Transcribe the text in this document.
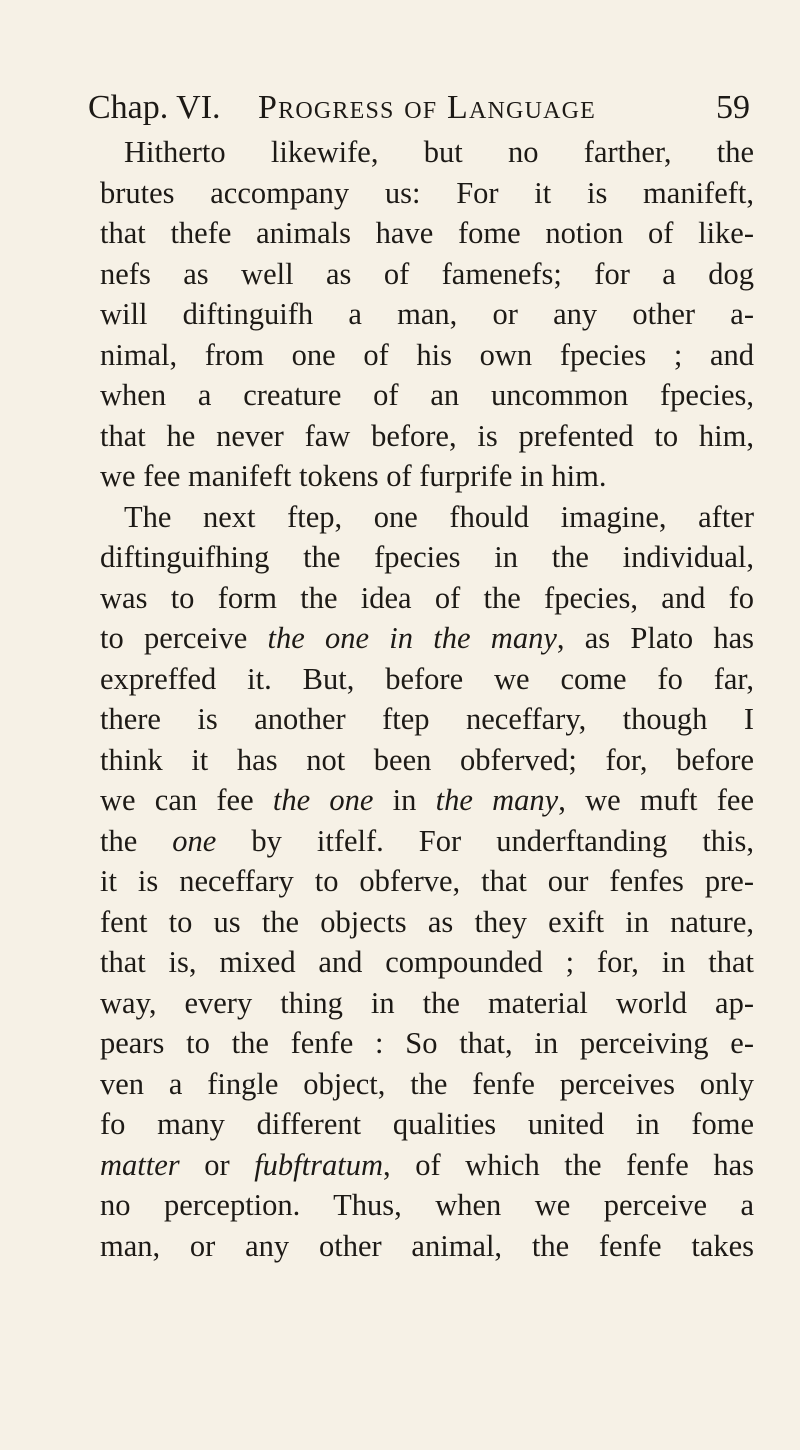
Chap. VI. Progress of Language	59
Hitherto likewife, but no farther, the
brutes accompany us: For it is manifeft,
that thefe animals have fome notion of like-
nefs as well as of famenefs; for a dog
will diftinguifh a man, or any other a-
nimal, from one of his own fpecies ; and
when a creature of an uncommon fpecies,
that he never faw before, is prefented to him,
we fee manifeft tokens of furprife in him.
The next ftep, one fhould imagine, after
diftinguifhing the fpecies in the individual,
was to form the idea of the fpecies, and fo
to perceive the one in the many, as Plato has
expreffed it. But, before we come fo far,
there is another ftep neceffary, though I
think it has not been obferved; for, before
we can fee the one in the many, we muft fee
the one by itfelf. For underftanding this,
it is neceffary to obferve, that our fenfes pre-
fent to us the objects as they exift in nature,
that is, mixed and compounded ; for, in that
way, every thing in the material world ap-
pears to the fenfe : So that, in perceiving e-
ven a fingle object, the fenfe perceives only
fo many different qualities united in fome
matter or fubftratum, of which the fenfe has
no perception. Thus, when we perceive a
man, or any other animal, the fenfe takes
